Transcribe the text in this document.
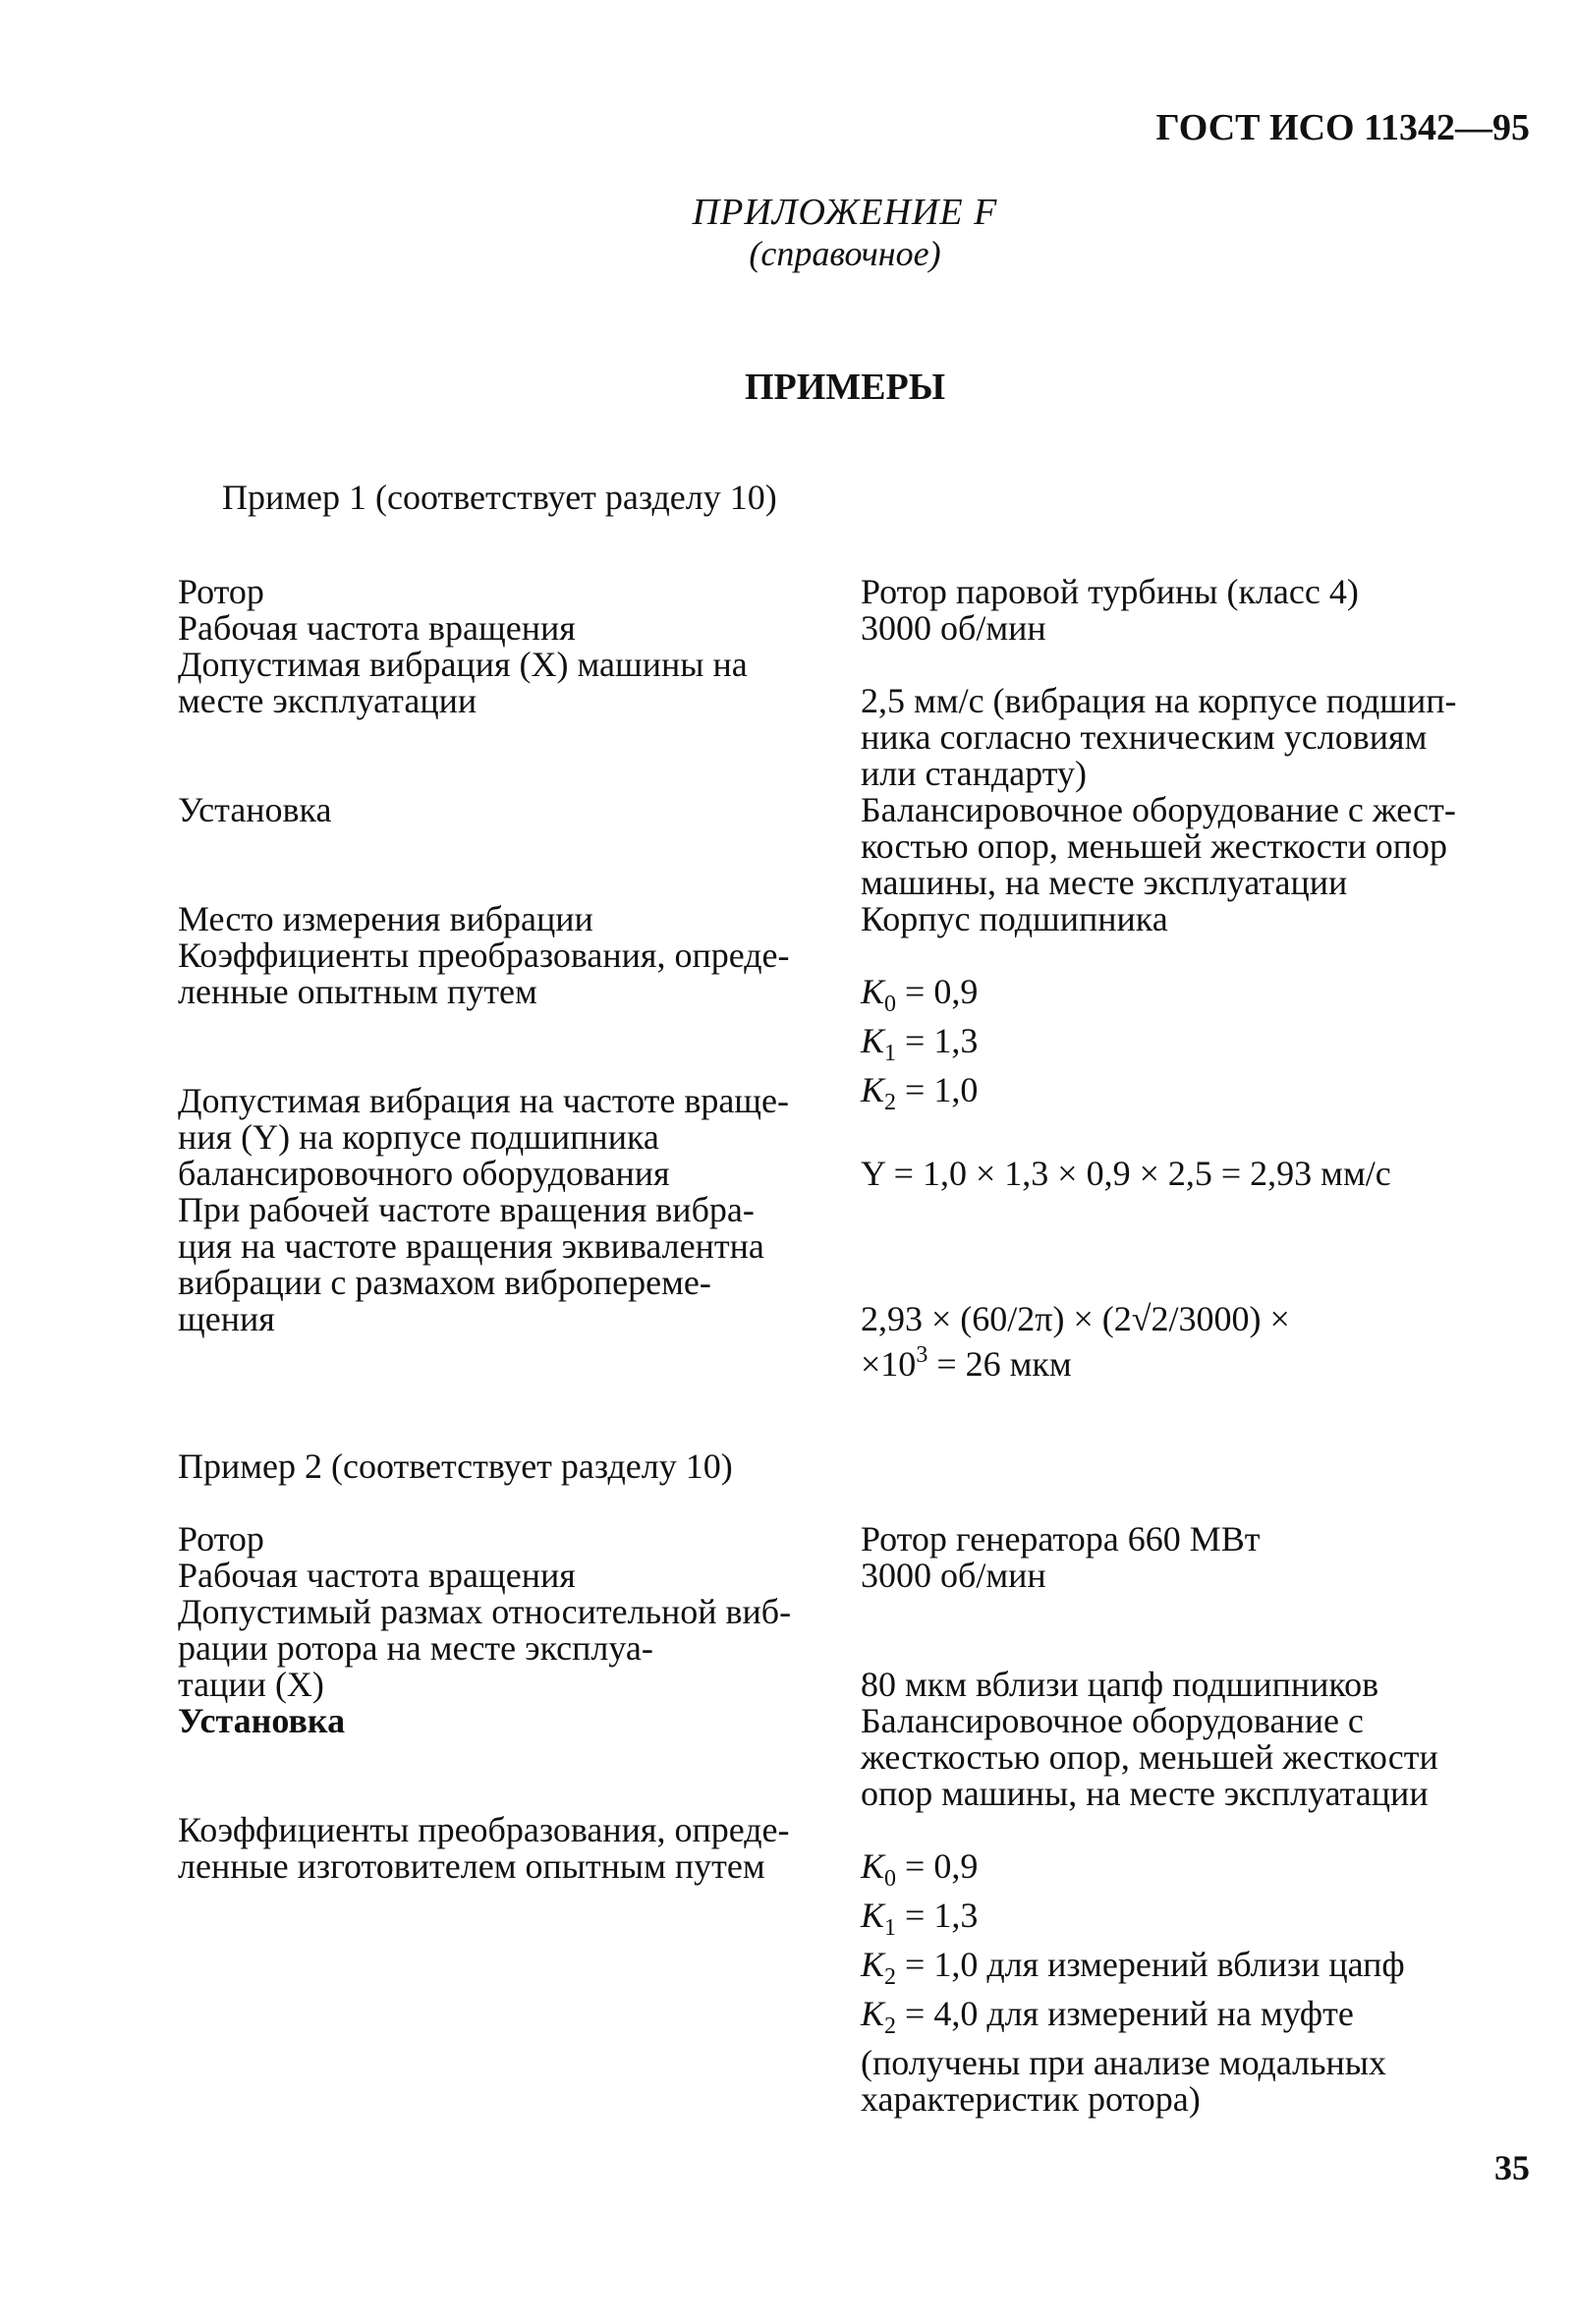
ГОСТ ИСО 11342—95
ПРИЛОЖЕНИЕ F
(справочное)
ПРИМЕРЫ
Пример 1 (соответствует разделу 10)
Ротор	Ротор паровой турбины (класс 4)
Рабочая частота вращения	3000 об/мин
Допустимая вибрация (X) машины на
месте эксплуатации	2,5 мм/с (вибрация на корпусе подшип-
ника согласно техническим условиям
или стандарту)
Установка	Балансировочное оборудование с жест-
костью опор, меньшей жесткости опор
машины, на месте эксплуатации
Место измерения вибрации	Корпус подшипника
Коэффициенты преобразования, опреде-
ленные опытным путем	$K_0 = 0,9$
$K_1 = 1,3$
$K_2 = 1,0$
Допустимая вибрация на частоте враще-
ния (Y) на корпусе подшипника
балансировочного оборудования	Y = 1,0 × 1,3 × 0,9 × 2,5 = 2,93 мм/с
При рабочей частоте вращения вибра-
ция на частоте вращения эквивалентна
вибрации с размахом вибропереме-
щения	2,93 × (60/2π) × (2√2/3000) ×
$\times 10^3 = 26$ мкм
Пример 2 (соответствует разделу 10)
Ротор	Ротор генератора 660 МВт
Рабочая частота вращения	3000 об/мин
Допустимый размах относительной виб-
рации ротора на месте эксплуа-
тации (X)	80 мкм вблизи цапф подшипников
Установка	Балансировочное оборудование с
жесткостью опор, меньшей жесткости
опор машины, на месте эксплуатации
Коэффициенты преобразования, опреде-
ленные изготовителем опытным путем	$K_0 = 0,9$
$K_1 = 1,3$
$K_2 = 1,0$ для измерений вблизи цапф
$K_2 = 4,0$ для измерений на муфте
(получены при анализе модальных
характеристик ротора)
35
